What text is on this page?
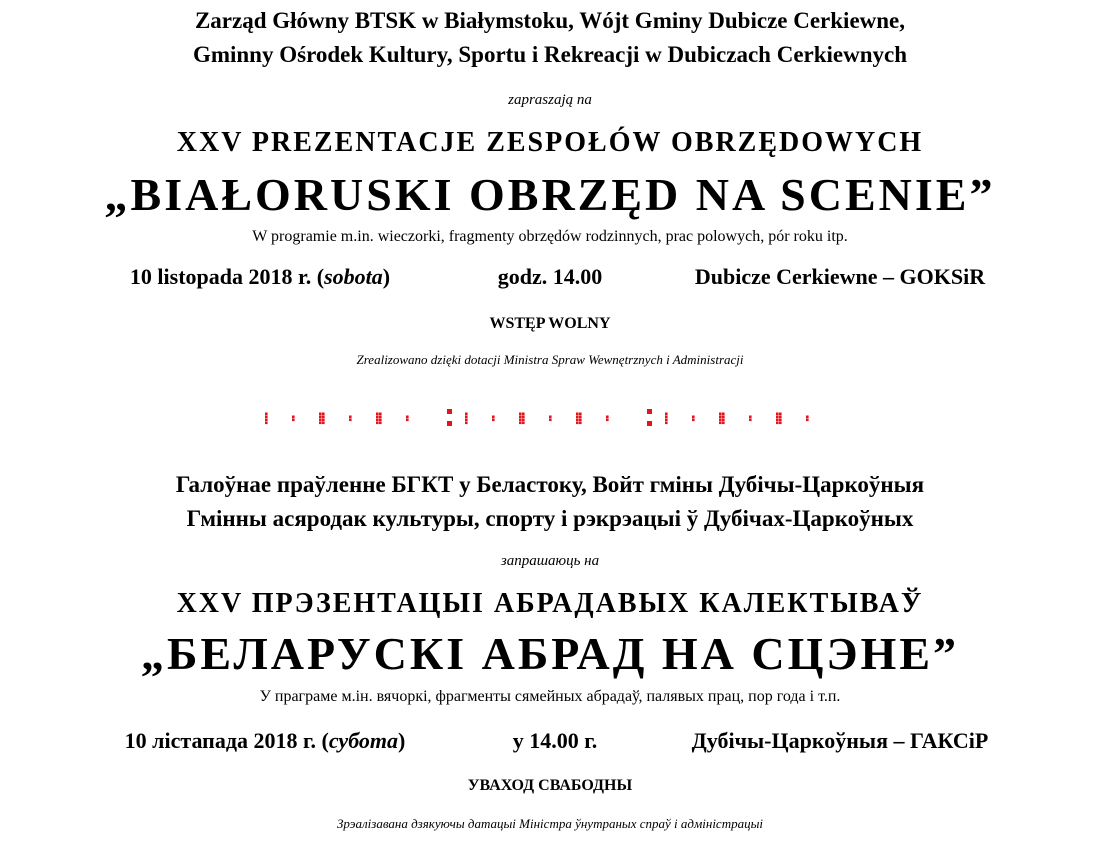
Zarząd Główny BTSK w Białymstoku, Wójt Gminy Dubicze Cerkiewne,
Gminny Ośrodek Kultury, Sportu i Rekreacji w Dubiczach Cerkiewnych
zapraszają na
XXV PREZENTACJE ZESPOŁÓW OBRZĘDOWYCH
„BIAŁORUSKI OBRZĘD NA SCENIE”
W programie m.in. wieczorki, fragmenty obrzędów rodzinnych, prac polowych, pór roku itp.
10 listopada 2018 r. (sobota)	godz. 14.00	Dubicze Cerkiewne – GOKSiR
WSTĘP WOLNY
Zrealizowano dzięki dotacji Ministra Spraw Wewnętrznych i Administracji
Галоўнае праўленне БГКТ у Беластоку, Войт гміны Дубічы-Царкоўныя
Гмінны асяродак культуры, спорту і рэкрэацыі ў Дубічах-Царкоўных
запрашаюць на
XXV ПРЭЗЕНТАЦЫІ АБРАДАВЫХ КАЛЕКТЫВАЎ
„БЕЛАРУСКІ АБРАД НА СЦЭНЕ”
У праграме м.ін. вячоркі, фрагменты сямейных абрадаў, палявых прац, пор года і т.п.
10 лістапада 2018 г. (субота)	у 14.00 г.	Дубічы-Царкоўныя – ГАКСіР
УВАХОД СВАБОДНЫ
Зрэалізавана дзякуючы датацыі Міністра ўнутраных спраў і адміністрацыі
